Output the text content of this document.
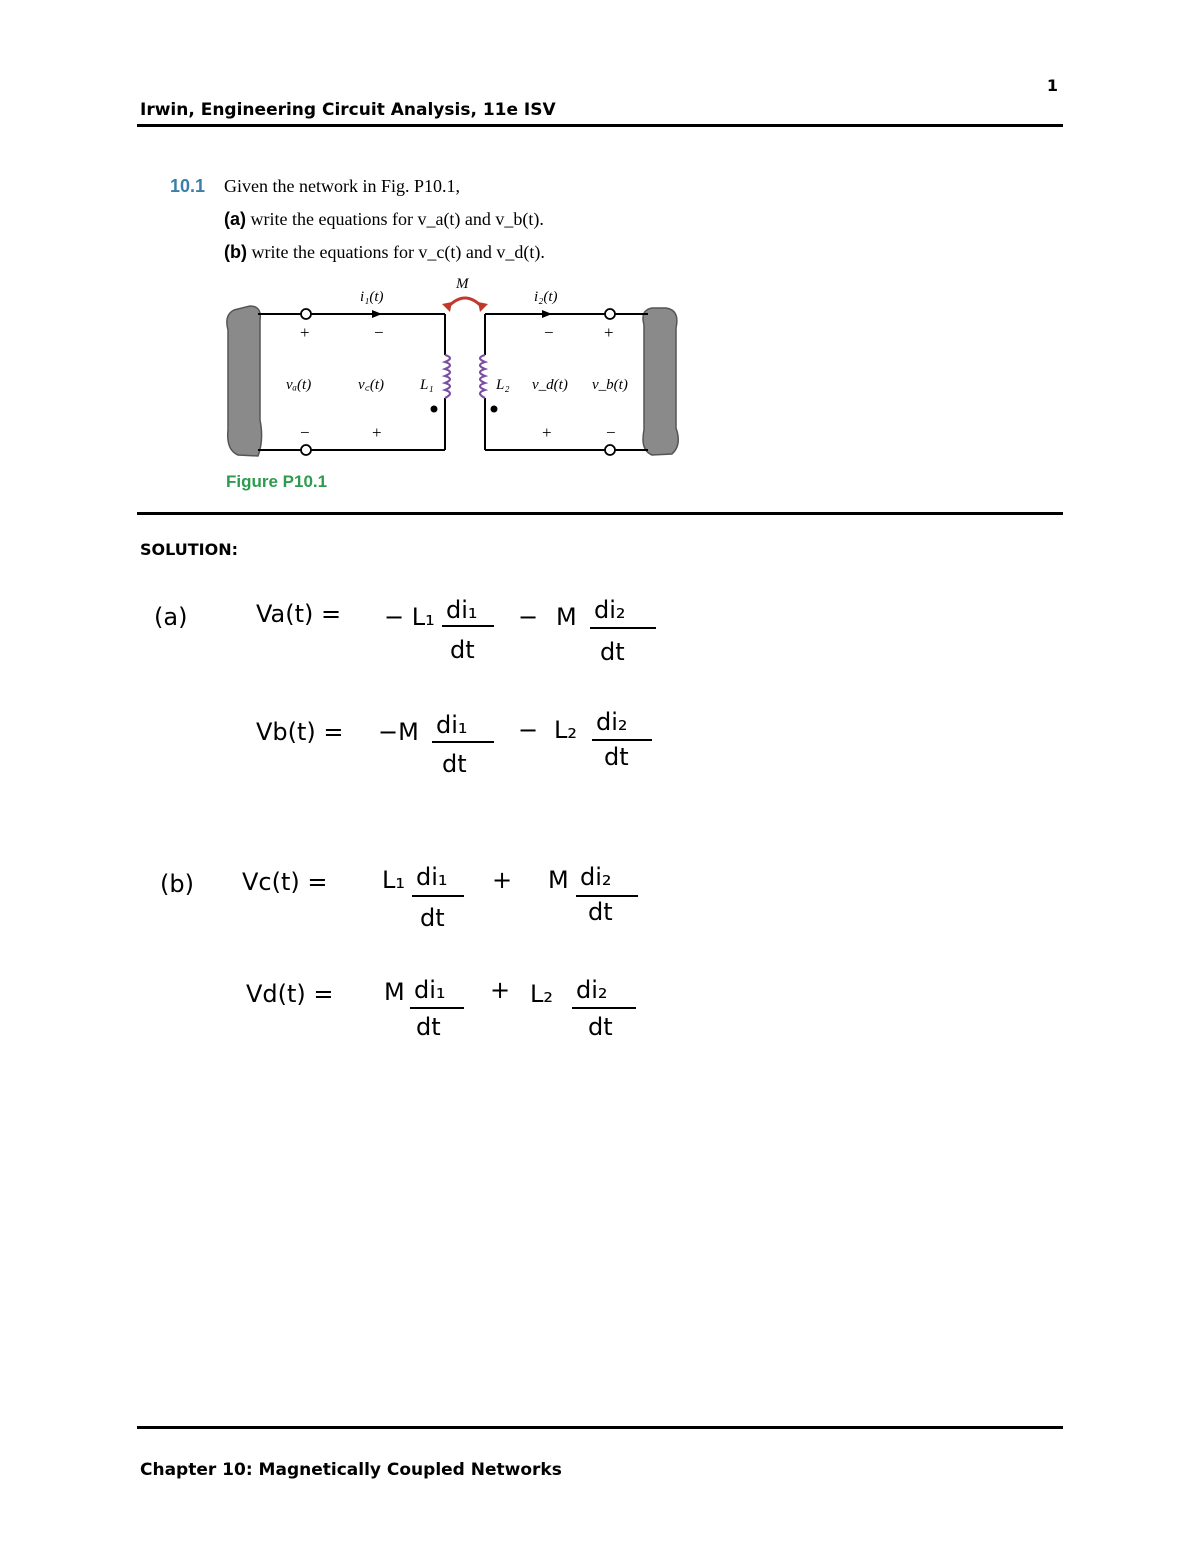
1
Irwin, Engineering Circuit Analysis, 11e ISV
10.1 Given the network in Fig. P10.1,
(a) write the equations for v_a(t) and v_b(t).
(b) write the equations for v_c(t) and v_d(t).
M
i₁(t)	i₂(t)
+
−
−
+
−
+
+
−
vₐ(t)	v꜀(t) L₁	L₂ v_d(t) v_b(t)
Figure P10.1
SOLUTION:
(a)	Va(t) = − L₁ di₁
dt
− M di₂
dt
Vb(t) = −M di₁
dt
− L₂ di₂
dt
(b) Vc(t) = L₁ di₁
dt
+ M di₂
dt
Vd(t) = M di₁
dt
+ L₂ di₂
dt
Chapter 10: Magnetically Coupled Networks
